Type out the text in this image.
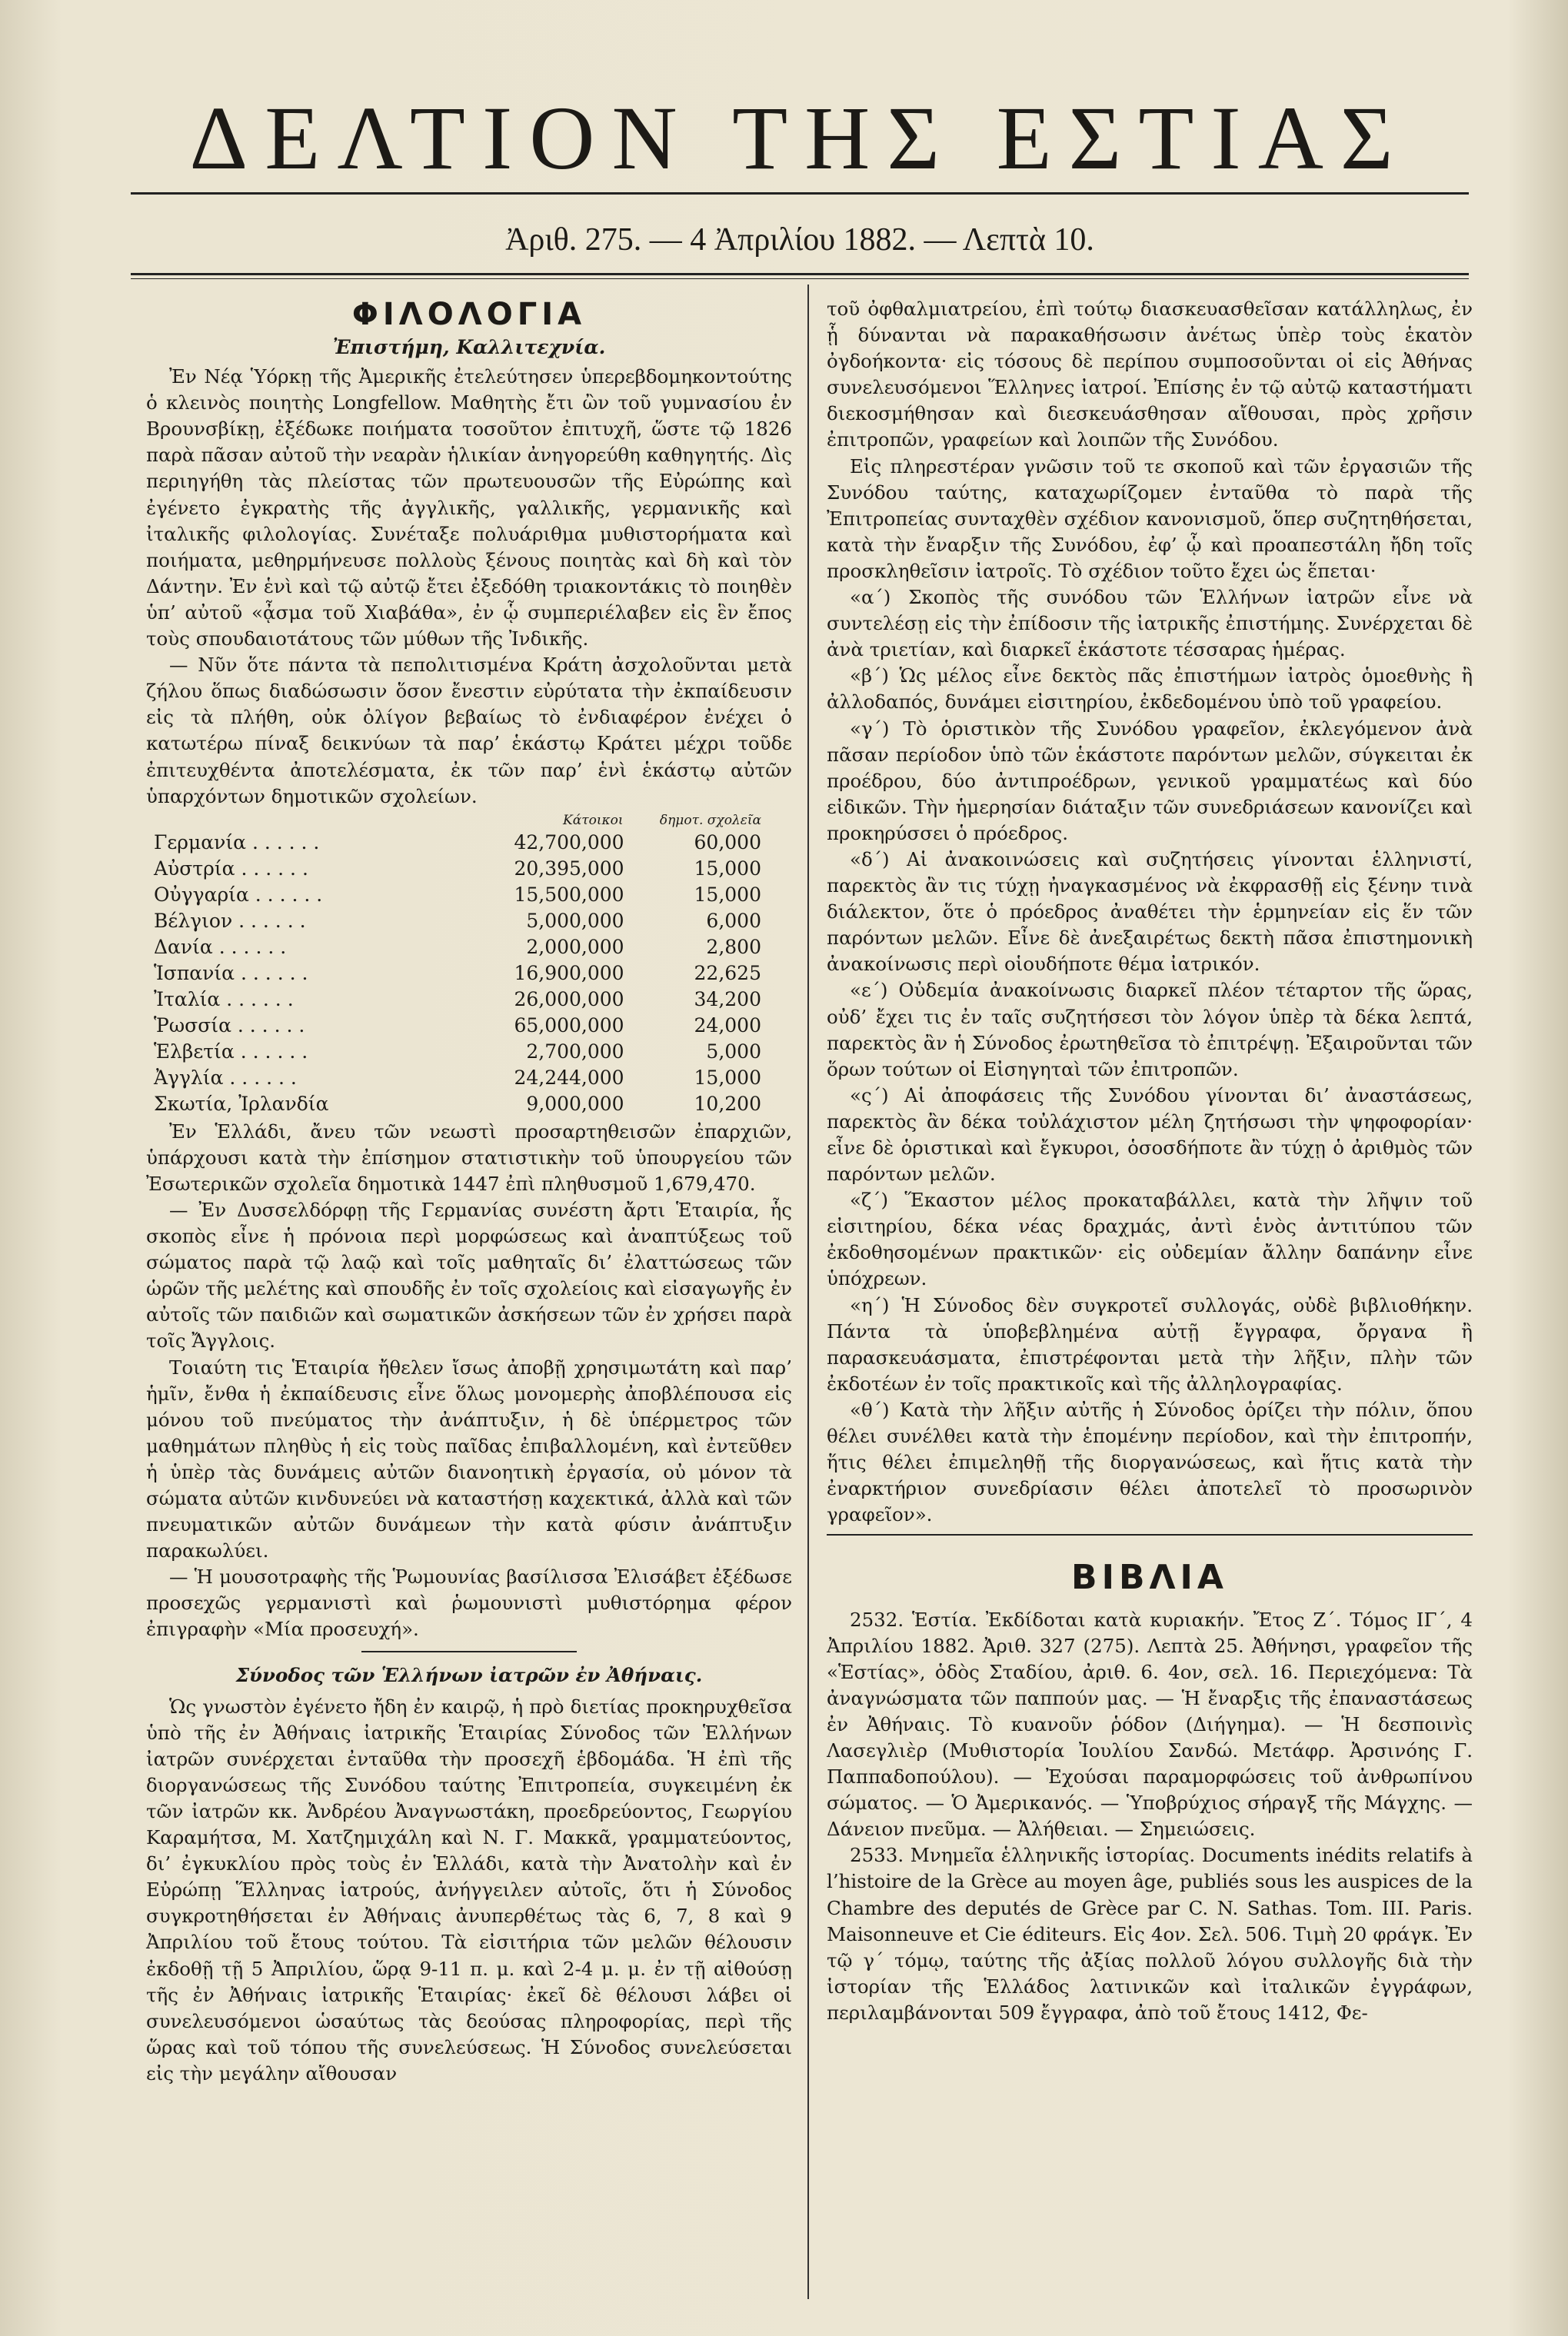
ΔΕΛΤΙΟΝ ΤΗΣ ΕΣΤΙΑΣ
Ἀριθ. 275. — 4 Ἀπριλίου 1882. — Λεπτὰ 10.
ΦΙΛΟΛΟΓΙΑ
Ἐπιστήμη, Καλλιτεχνία.

Ἐν Νέᾳ Ὑόρκῃ τῆς Ἀμερικῆς ἐτελεύτησεν ὑπερεβδομηκοντούτης ὁ κλεινὸς ποιητὴς Longfellow. Μαθητὴς ἔτι ὢν τοῦ γυμνασίου ἐν Βρουνσβίκῃ, ἐξέδωκε ποιήματα τοσοῦτον ἐπιτυχῆ, ὥστε τῷ 1826 παρὰ πᾶσαν αὐτοῦ τὴν νεαρὰν ἡλικίαν ἀνηγορεύθη καθηγητής. Δὶς περιηγήθη τὰς πλείστας τῶν πρωτευουσῶν τῆς Εὐρώπης καὶ ἐγένετο ἐγκρατὴς τῆς ἀγγλικῆς, γαλλικῆς, γερμανικῆς καὶ ἰταλικῆς φιλολογίας. Συνέταξε πολυάριθμα μυθιστορήματα καὶ ποιήματα, μεθηρμήνευσε πολλοὺς ξένους ποιητὰς καὶ δὴ καὶ τὸν Δάντην. Ἐν ἑνὶ καὶ τῷ αὐτῷ ἔτει ἐξεδόθη τριακοντάκις τὸ ποιηθὲν ὑπ’ αὐτοῦ «ᾆσμα τοῦ Χιαβάθα», ἐν ᾧ συμπεριέλαβεν εἰς ἓν ἔπος τοὺς σπουδαιοτάτους τῶν μύθων τῆς Ἰνδικῆς.

— Νῦν ὅτε πάντα τὰ πεπολιτισμένα Κράτη ἀσχολοῦνται μετὰ ζήλου ὅπως διαδώσωσιν ὅσον ἔνεστιν εὐρύτατα τὴν ἐκπαίδευσιν εἰς τὰ πλήθη, οὐκ ὀλίγον βεβαίως τὸ ἐνδιαφέρον ἐνέχει ὁ κατωτέρω πίναξ δεικνύων τὰ παρ’ ἑκάστῳ Κράτει μέχρι τοῦδε ἐπιτευχθέντα ἀποτελέσματα, ἐκ τῶν παρ’ ἑνὶ ἑκάστῳ αὐτῶν ὑπαρχόντων δημοτικῶν σχολείων.

	Κάτοικοι	δημοτ. σχολεῖα
Γερμανία . . . . . .	42,700,000	60,000
Αὐστρία . . . . . .	20,395,000	15,000
Οὐγγαρία . . . . . .	15,500,000	15,000
Βέλγιον . . . . . .	5,000,000	6,000
Δανία . . . . . .	2,000,000	2,800
Ἱσπανία . . . . . .	16,900,000	22,625
Ἰταλία . . . . . .	26,000,000	34,200
Ῥωσσία . . . . . .	65,000,000	24,000
Ἑλβετία . . . . . .	2,700,000	5,000
Ἀγγλία . . . . . .	24,244,000	15,000
Σκωτία, Ἰρλανδία	9,000,000	10,200

Ἐν Ἑλλάδι, ἄνευ τῶν νεωστὶ προσαρτηθεισῶν ἐπαρχιῶν, ὑπάρχουσι κατὰ τὴν ἐπίσημον στατιστικὴν τοῦ ὑπουργείου τῶν Ἐσωτερικῶν σχολεῖα δημοτικὰ 1447 ἐπὶ πληθυσμοῦ 1,679,470.

— Ἐν Δυσσελδόρφῃ τῆς Γερμανίας συνέστη ἄρτι Ἑταιρία, ἧς σκοπὸς εἶνε ἡ πρόνοια περὶ μορφώσεως καὶ ἀναπτύξεως τοῦ σώματος παρὰ τῷ λαῷ καὶ τοῖς μαθηταῖς δι’ ἐλαττώσεως τῶν ὡρῶν τῆς μελέτης καὶ σπουδῆς ἐν τοῖς σχολείοις καὶ εἰσαγωγῆς ἐν αὐτοῖς τῶν παιδιῶν καὶ σωματικῶν ἀσκήσεων τῶν ἐν χρήσει παρὰ τοῖς Ἄγγλοις.

Τοιαύτη τις Ἑταιρία ἤθελεν ἴσως ἀποβῇ χρησιμωτάτη καὶ παρ’ ἡμῖν, ἔνθα ἡ ἐκπαίδευσις εἶνε ὅλως μονομερὴς ἀποβλέπουσα εἰς μόνου τοῦ πνεύματος τὴν ἀνάπτυξιν, ἡ δὲ ὑπέρμετρος τῶν μαθημάτων πληθὺς ἡ εἰς τοὺς παῖδας ἐπιβαλλομένη, καὶ ἐντεῦθεν ἡ ὑπὲρ τὰς δυνάμεις αὐτῶν διανοητικὴ ἐργασία, οὐ μόνον τὰ σώματα αὐτῶν κινδυνεύει νὰ καταστήσῃ καχεκτικά, ἀλλὰ καὶ τῶν πνευματικῶν αὐτῶν δυνάμεων τὴν κατὰ φύσιν ἀνάπτυξιν παρακωλύει.

— Ἡ μουσοτραφὴς τῆς Ῥωμουνίας βασίλισσα Ἐλισάβετ ἐξέδωσε προσεχῶς γερμανιστὶ καὶ ῥωμουνιστὶ μυθιστόρημα φέρον ἐπιγραφὴν «Μία προσευχή».

Σύνοδος τῶν Ἑλλήνων ἰατρῶν ἐν Ἀθήναις.

Ὡς γνωστὸν ἐγένετο ἤδη ἐν καιρῷ, ἡ πρὸ διετίας προκηρυχθεῖσα ὑπὸ τῆς ἐν Ἀθήναις ἰατρικῆς Ἑταιρίας Σύνοδος τῶν Ἑλλήνων ἰατρῶν συνέρχεται ἐνταῦθα τὴν προσεχῆ ἑβδομάδα. Ἡ ἐπὶ τῆς διοργανώσεως τῆς Συνόδου ταύτης Ἐπιτροπεία, συγκειμένη ἐκ τῶν ἰατρῶν κκ. Ἀνδρέου Ἀναγνωστάκη, προεδρεύοντος, Γεωργίου Καραμήτσα, Μ. Χατζημιχάλη καὶ Ν. Γ. Μακκᾶ, γραμματεύοντος, δι’ ἐγκυκλίου πρὸς τοὺς ἐν Ἑλλάδι, κατὰ τὴν Ἀνατολὴν καὶ ἐν Εὐρώπῃ Ἕλληνας ἰατρούς, ἀνήγγειλεν αὐτοῖς, ὅτι ἡ Σύνοδος συγκροτηθήσεται ἐν Ἀθήναις ἀνυπερθέτως τὰς 6, 7, 8 καὶ 9 Ἀπριλίου τοῦ ἔτους τούτου. Τὰ εἰσιτήρια τῶν μελῶν θέλουσιν ἐκδοθῇ τῇ 5 Ἀπριλίου, ὥρᾳ 9-11 π. μ. καὶ 2-4 μ. μ. ἐν τῇ αἰθούσῃ τῆς ἐν Ἀθήναις ἰατρικῆς Ἑταιρίας· ἐκεῖ δὲ θέλουσι λάβει οἱ συνελευσόμενοι ὡσαύτως τὰς δεούσας πληροφορίας, περὶ τῆς ὥρας καὶ τοῦ τόπου τῆς συνελεύσεως. Ἡ Σύνοδος συνελεύσεται εἰς τὴν μεγάλην αἴθουσαν

τοῦ ὀφθαλμιατρείου, ἐπὶ τούτῳ διασκευασθεῖσαν κατάλληλως, ἐν ᾗ δύνανται νὰ παρακαθήσωσιν ἀνέτως ὑπὲρ τοὺς ἑκατὸν ὀγδοήκοντα· εἰς τόσους δὲ περίπου συμποσοῦνται οἱ εἰς Ἀθήνας συνελευσόμενοι Ἕλληνες ἰατροί. Ἐπίσης ἐν τῷ αὐτῷ καταστήματι διεκοσμήθησαν καὶ διεσκευάσθησαν αἴθουσαι, πρὸς χρῆσιν ἐπιτροπῶν, γραφείων καὶ λοιπῶν τῆς Συνόδου.

Εἰς πληρεστέραν γνῶσιν τοῦ τε σκοποῦ καὶ τῶν ἐργασιῶν τῆς Συνόδου ταύτης, καταχωρίζομεν ἐνταῦθα τὸ παρὰ τῆς Ἐπιτροπείας συνταχθὲν σχέδιον κανονισμοῦ, ὅπερ συζητηθήσεται, κατὰ τὴν ἔναρξιν τῆς Συνόδου, ἐφ’ ᾧ καὶ προαπεστάλη ἤδη τοῖς προσκληθεῖσιν ἰατροῖς. Τὸ σχέδιον τοῦτο ἔχει ὡς ἕπεται·

«α΄) Σκοπὸς τῆς συνόδου τῶν Ἑλλήνων ἰατρῶν εἶνε νὰ συντελέσῃ εἰς τὴν ἐπίδοσιν τῆς ἰατρικῆς ἐπιστήμης. Συνέρχεται δὲ ἀνὰ τριετίαν, καὶ διαρκεῖ ἑκάστοτε τέσσαρας ἡμέρας.

«β΄) Ὡς μέλος εἶνε δεκτὸς πᾶς ἐπιστήμων ἰατρὸς ὁμοεθνὴς ἢ ἀλλοδαπός, δυνάμει εἰσιτηρίου, ἐκδεδομένου ὑπὸ τοῦ γραφείου.

«γ΄) Τὸ ὁριστικὸν τῆς Συνόδου γραφεῖον, ἐκλεγόμενον ἀνὰ πᾶσαν περίοδον ὑπὸ τῶν ἑκάστοτε παρόντων μελῶν, σύγκειται ἐκ προέδρου, δύο ἀντιπροέδρων, γενικοῦ γραμματέως καὶ δύο εἰδικῶν. Τὴν ἡμερησίαν διάταξιν τῶν συνεδριάσεων κανονίζει καὶ προκηρύσσει ὁ πρόεδρος.

«δ΄) Αἱ ἀνακοινώσεις καὶ συζητήσεις γίνονται ἑλληνιστί, παρεκτὸς ἂν τις τύχῃ ἠναγκασμένος νὰ ἐκφρασθῇ εἰς ξένην τινὰ διάλεκτον, ὅτε ὁ πρόεδρος ἀναθέτει τὴν ἑρμηνείαν εἰς ἕν τῶν παρόντων μελῶν. Εἶνε δὲ ἀνεξαιρέτως δεκτὴ πᾶσα ἐπιστημονικὴ ἀνακοίνωσις περὶ οἱουδήποτε θέμα ἰατρικόν.

«ε΄) Οὐδεμία ἀνακοίνωσις διαρκεῖ πλέον τέταρτον τῆς ὥρας, οὐδ’ ἔχει τις ἐν ταῖς συζητήσεσι τὸν λόγον ὑπὲρ τὰ δέκα λεπτά, παρεκτὸς ἂν ἡ Σύνοδος ἐρωτηθεῖσα τὸ ἐπιτρέψῃ. Ἐξαιροῦνται τῶν ὅρων τούτων οἱ Εἰσηγηταὶ τῶν ἐπιτροπῶν.

«ς΄) Αἱ ἀποφάσεις τῆς Συνόδου γίνονται δι’ ἀναστάσεως, παρεκτὸς ἂν δέκα τοὐλάχιστον μέλη ζητήσωσι τὴν ψηφοφορίαν· εἶνε δὲ ὁριστικαὶ καὶ ἔγκυροι, ὁσοσδήποτε ἂν τύχῃ ὁ ἀριθμὸς τῶν παρόντων μελῶν.

«ζ΄) Ἕκαστον μέλος προκαταβάλλει, κατὰ τὴν λῆψιν τοῦ εἰσιτηρίου, δέκα νέας δραχμάς, ἀντὶ ἑνὸς ἀντιτύπου τῶν ἐκδοθησομένων πρακτικῶν· εἰς οὐδεμίαν ἄλλην δαπάνην εἶνε ὑπόχρεων.

«η΄) Ἡ Σύνοδος δὲν συγκροτεῖ συλλογάς, οὐδὲ βιβλιοθήκην. Πάντα τὰ ὑποβεβλημένα αὐτῇ ἔγγραφα, ὄργανα ἢ παρασκευάσματα, ἐπιστρέφονται μετὰ τὴν λῆξιν, πλὴν τῶν ἐκδοτέων ἐν τοῖς πρακτικοῖς καὶ τῆς ἀλληλογραφίας.

«θ΄) Κατὰ τὴν λῆξιν αὐτῆς ἡ Σύνοδος ὁρίζει τὴν πόλιν, ὅπου θέλει συνέλθει κατὰ τὴν ἑπομένην περίοδον, καὶ τὴν ἐπιτροπήν, ἥτις θέλει ἐπιμεληθῇ τῆς διοργανώσεως, καὶ ἥτις κατὰ τὴν ἐναρκτήριον συνεδρίασιν θέλει ἀποτελεῖ τὸ προσωρινὸν γραφεῖον».

ΒΙΒΛΙΑ

2532. Ἑστία. Ἐκδίδοται κατὰ κυριακήν. Ἔτος Ζ΄. Τόμος ΙΓ΄, 4 Ἀπριλίου 1882. Ἀριθ. 327 (275). Λεπτὰ 25. Ἀθήνησι, γραφεῖον τῆς «Ἑστίας», ὁδὸς Σταδίου, ἀριθ. 6. 4ον, σελ. 16. Περιεχόμενα: Τὰ ἀναγνώσματα τῶν παππούν μας. — Ἡ ἔναρξις τῆς ἐπαναστάσεως ἐν Ἀθήναις. Τὸ κυανοῦν ῥόδον (Διήγημα). — Ἡ δεσποινὶς Λασεγλιὲρ (Μυθιστορία Ἰουλίου Σανδώ. Μετάφρ. Ἀρσινόης Γ. Παππαδοπούλου). — Ἐχούσαι παραμορφώσεις τοῦ ἀνθρωπίνου σώματος. — Ὁ Ἀμερικανός. — Ὑποβρύχιος σήραγξ τῆς Μάγχης. — Δάνειον πνεῦμα. — Ἀλήθειαι. — Σημειώσεις.

2533. Μνημεῖα ἑλληνικῆς ἱστορίας. Documents inédits relatifs à l’histoire de la Grèce au moyen âge, publiés sous les auspices de la Chambre des deputés de Grèce par C. N. Sathas. Tom. III. Paris. Maisonneuve et Cie éditeurs. Εἰς 4ον. Σελ. 506. Τιμὴ 20 φράγκ. Ἐν τῷ γ΄ τόμῳ, ταύτης τῆς ἀξίας πολλοῦ λόγου συλλογῆς διὰ τὴν ἱστορίαν τῆς Ἑλλάδος λατινικῶν καὶ ἰταλικῶν ἐγγράφων, περιλαμβάνονται 509 ἔγγραφα, ἀπὸ τοῦ ἔτους 1412, Φε-
